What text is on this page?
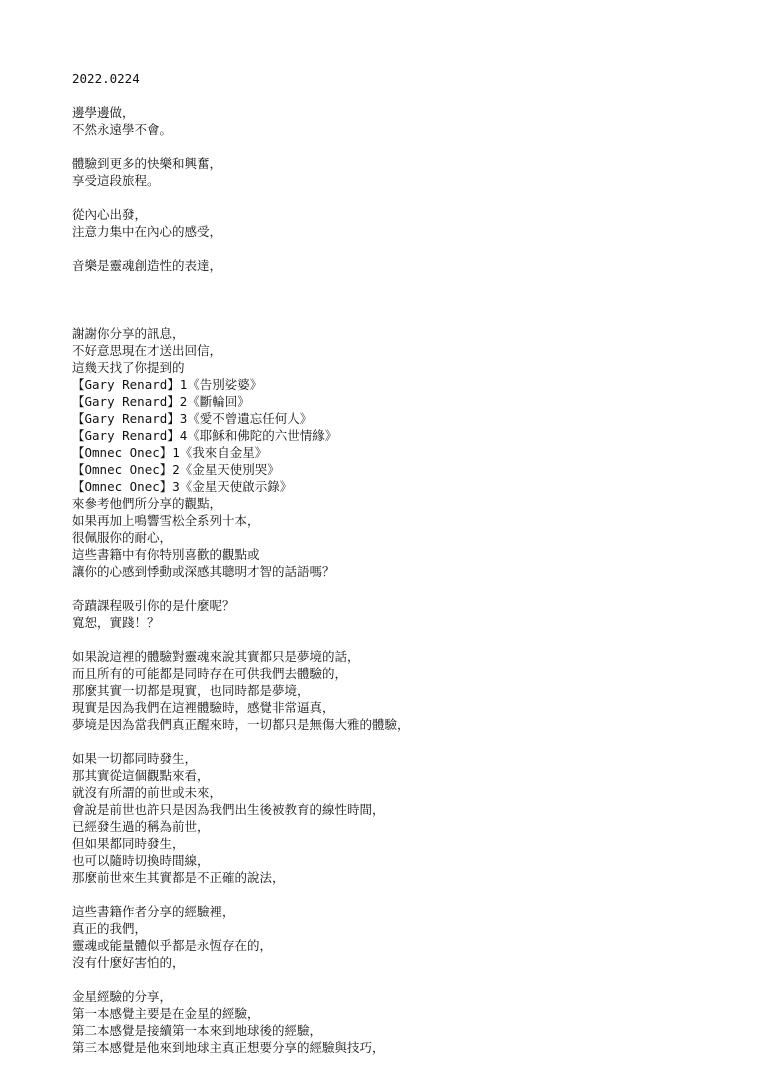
2022.0224
邊學邊做，
不然永遠學不會。
體驗到更多的快樂和興奮，
享受這段旅程。
從內心出發，
注意力集中在內心的感受，
音樂是靈魂創造性的表達，
謝謝你分享的訊息，
不好意思現在才送出回信，
這幾天找了你提到的
【Gary Renard】1《告別娑婆》
【Gary Renard】2《斷輪回》
【Gary Renard】3《愛不曾遺忘任何人》
【Gary Renard】4《耶穌和佛陀的六世情緣》
【Omnec Onec】1《我來自金星》
【Omnec Onec】2《金星天使別哭》
【Omnec Onec】3《金星天使啟示錄》
來參考他們所分享的觀點，
如果再加上鳴響雪松全系列十本，
很佩服你的耐心，
這些書籍中有你特別喜歡的觀點或
讓你的心感到悸動或深感其聰明才智的話語嗎？
奇蹟課程吸引你的是什麼呢？
寬恕，實踐！？
如果說這裡的體驗對靈魂來說其實都只是夢境的話，
而且所有的可能都是同時存在可供我們去體驗的，
那麼其實一切都是現實，也同時都是夢境，
現實是因為我們在這裡體驗時，感覺非常逼真，
夢境是因為當我們真正醒來時，一切都只是無傷大雅的體驗，
如果一切都同時發生，
那其實從這個觀點來看，
就沒有所謂的前世或未來，
會說是前世也許只是因為我們出生後被教育的線性時間，
已經發生過的稱為前世，
但如果都同時發生，
也可以隨時切換時間線，
那麼前世來生其實都是不正確的說法，
這些書籍作者分享的經驗裡，
真正的我們，
靈魂或能量體似乎都是永恆存在的，
沒有什麼好害怕的，
金星經驗的分享，
第一本感覺主要是在金星的經驗，
第二本感覺是接續第一本來到地球後的經驗，
第三本感覺是他來到地球主真正想要分享的經驗與技巧，
